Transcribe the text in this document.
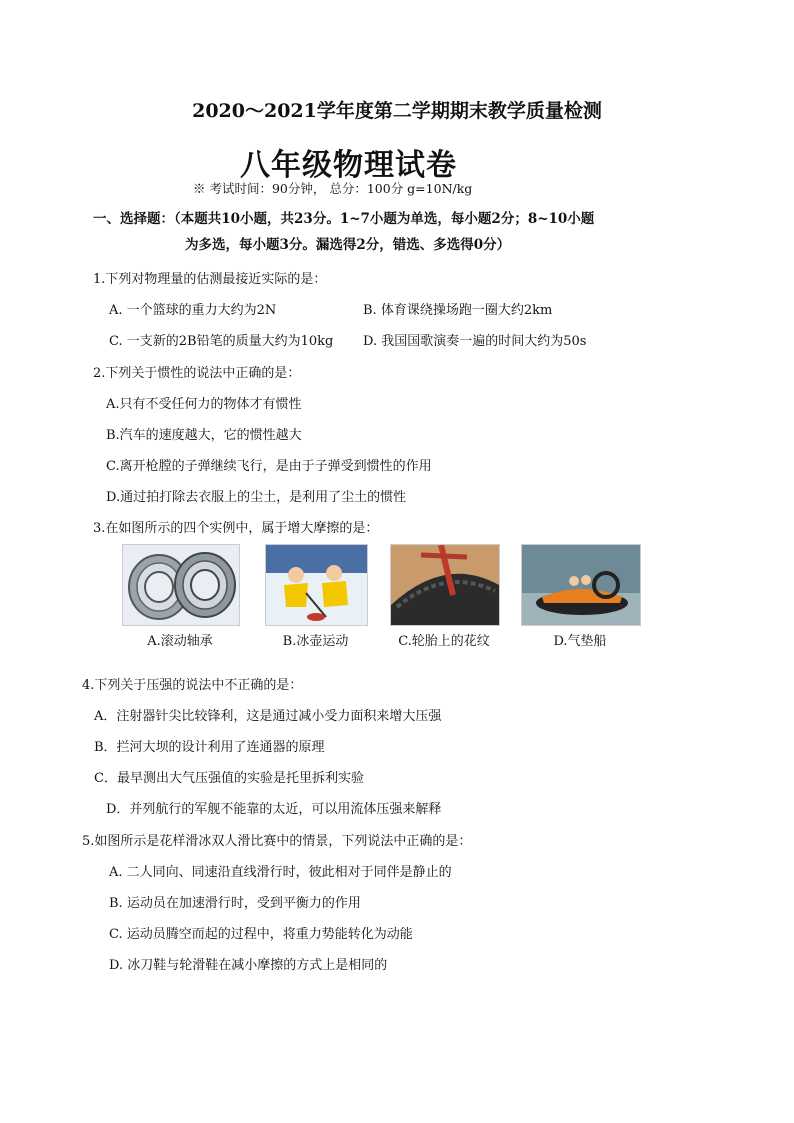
2020～2021学年度第二学期期末教学质量检测
八年级物理试卷
※ 考试时间：90分钟， 总分：100分 g=10N/kg
一、选择题：（本题共10小题，共23分。1~7小题为单选，每小题2分；8~10小题
为多选，每小题3分。漏选得2分，错选、多选得0分）
1.下列对物理量的估测最接近实际的是：
A. 一个篮球的重力大约为2N	B. 体育课绕操场跑一圈大约2km
C. 一支新的2B铅笔的质量大约为10kg D. 我国国歌演奏一遍的时间大约为50s
2.下列关于惯性的说法中正确的是：
A.只有不受任何力的物体才有惯性
B.汽车的速度越大，它的惯性越大
C.离开枪膛的子弹继续飞行，是由于子弹受到惯性的作用
D.通过拍打除去衣服上的尘土，是利用了尘土的惯性
3.在如图所示的四个实例中，属于增大摩擦的是：
A.滚动轴承	B.冰壶运动	C.轮胎上的花纹	D.气垫船
4.下列关于压强的说法中不正确的是：
A．注射器针尖比较锋利，这是通过减小受力面积来增大压强
B．拦河大坝的设计利用了连通器的原理
C．最早测出大气压强值的实验是托里拆利实验
D．并列航行的军舰不能靠的太近，可以用流体压强来解释
5.如图所示是花样滑冰双人滑比赛中的情景，下列说法中正确的是：
A. 二人同向、同速沿直线滑行时，彼此相对于同伴是静止的
B. 运动员在加速滑行时，受到平衡力的作用
C. 运动员腾空而起的过程中，将重力势能转化为动能
D. 冰刀鞋与轮滑鞋在减小摩擦的方式上是相同的
